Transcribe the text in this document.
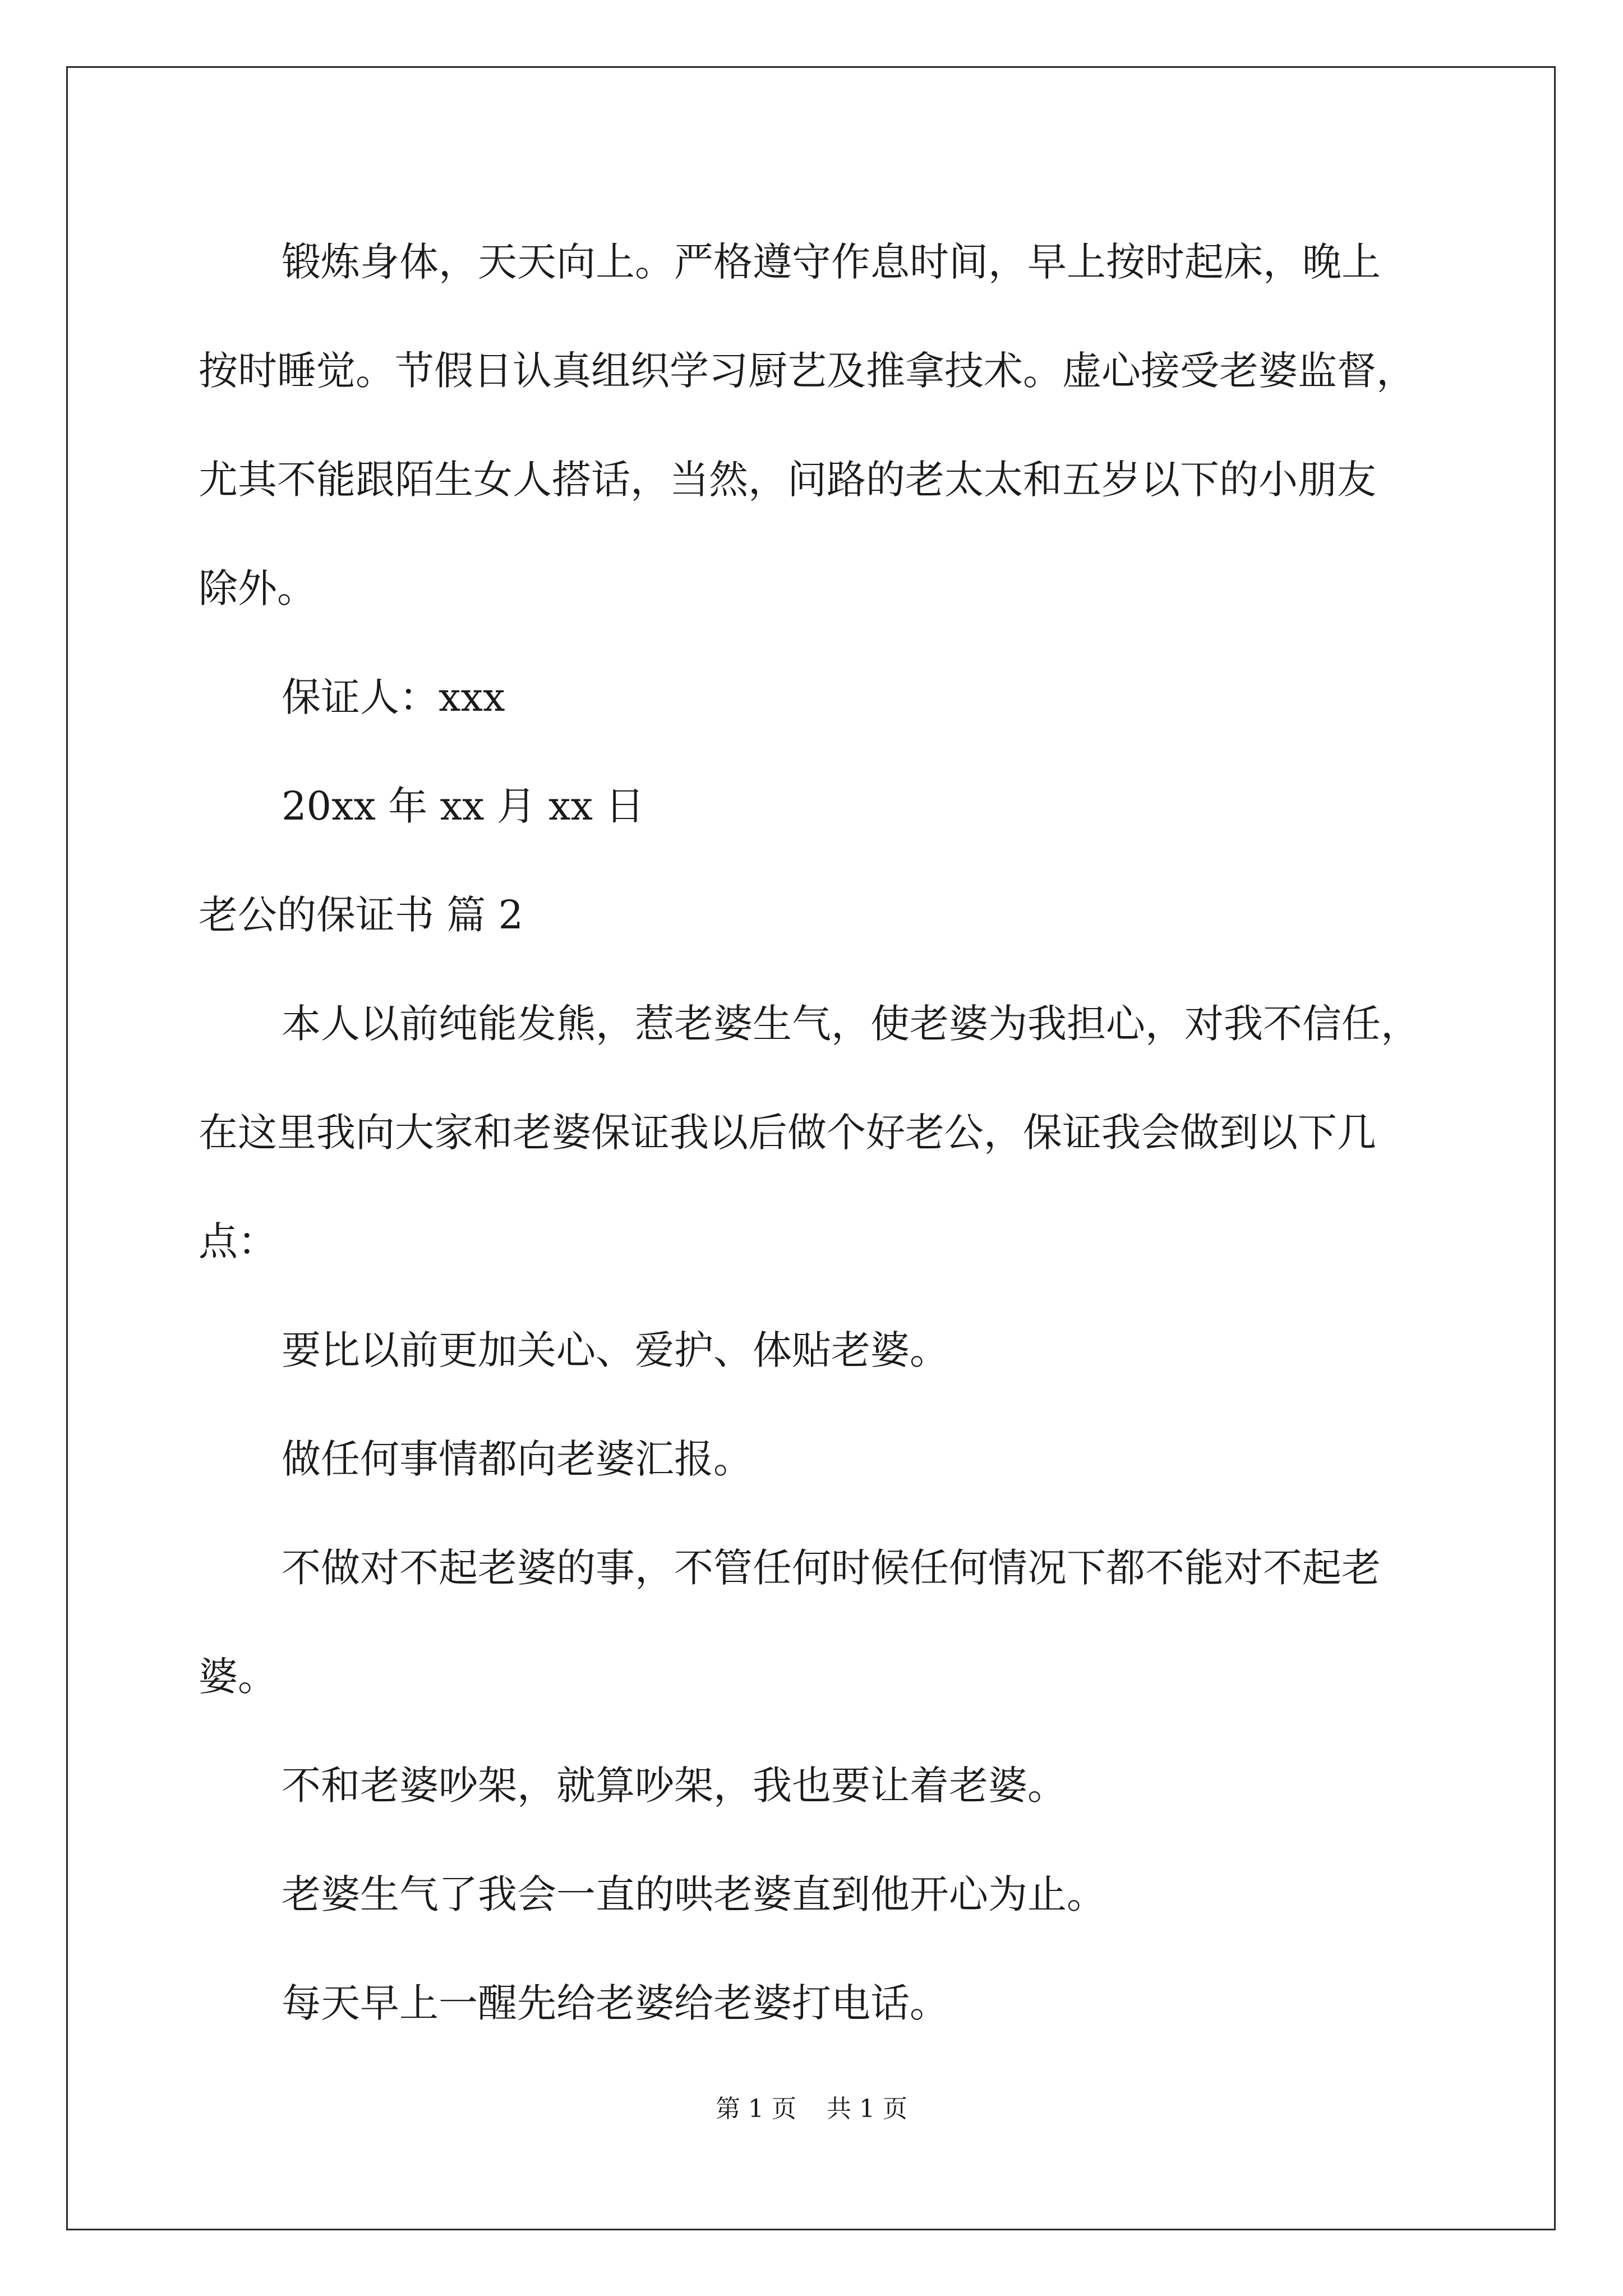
锻炼身体，天天向上。严格遵守作息时间，早上按时起床，晚上

按时睡觉。节假日认真组织学习厨艺及推拿技术。虚心接受老婆监督，

尤其不能跟陌生女人搭话，当然，问路的老太太和五岁以下的小朋友

除外。

保证人：xxx

20xx 年 xx 月 xx 日

老公的保证书 篇 2

本人以前纯能发熊，惹老婆生气，使老婆为我担心，对我不信任，

在这里我向大家和老婆保证我以后做个好老公，保证我会做到以下几

点：

要比以前更加关心、爱护、体贴老婆。

做任何事情都向老婆汇报。

不做对不起老婆的事，不管任何时候任何情况下都不能对不起老

婆。

不和老婆吵架，就算吵架，我也要让着老婆。

老婆生气了我会一直的哄老婆直到他开心为止。

每天早上一醒先给老婆给老婆打电话。

第 1 页 共 1 页
